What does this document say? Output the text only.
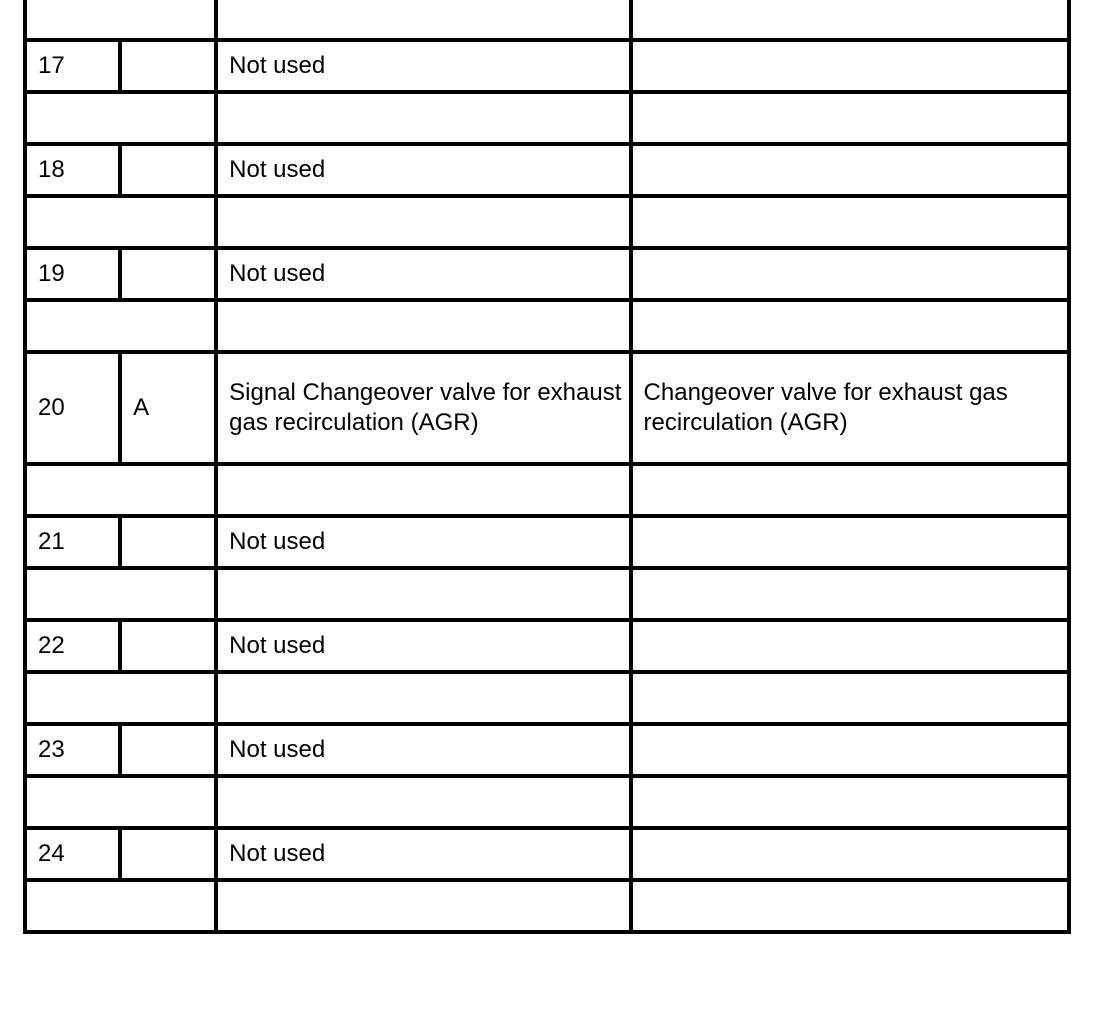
17		Not used	

18		Not used	

19		Not used	

20	A	Signal Changeover valve for exhaust gas recirculation (AGR)	Changeover valve for exhaust gas recirculation (AGR)

21		Not used	

22		Not used	

23		Not used	

24		Not used	
